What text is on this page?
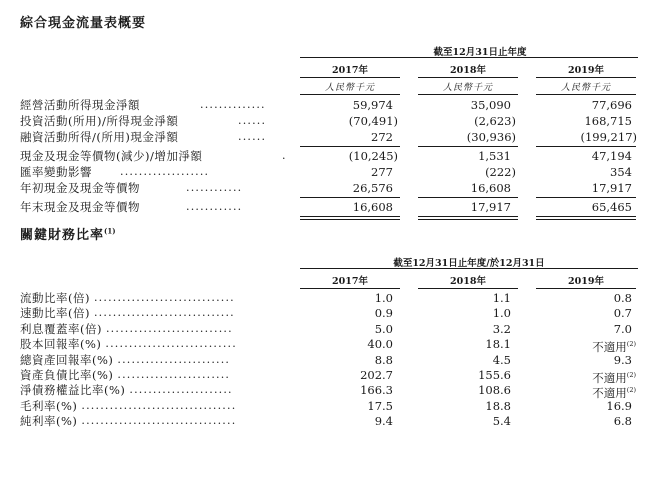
綜合現金流量表概要
截至12月31日止年度
2017年	2018年	2019年
人民幣千元	人民幣千元	人民幣千元
經營活動所得現金淨額	..............	59,974	35,090	77,696
投資活動(所用)/所得現金淨額	......	(70,491)	(2,623)	168,715
融資活動所得/(所用)現金淨額	......	272	(30,936)	(199,217)
現金及現金等價物(減少)/增加淨額	.	(10,245)	1,531	47,194
匯率變動影響	...................	277	(222)	354
年初現金及現金等價物	............	26,576	16,608	17,917
年末現金及現金等價物	............	16,608	17,917	65,465
關鍵財務比率$^{(1)}$
截至12月31日止年度/於12月31日
2017年	2018年	2019年
流動比率(倍) ..............................	1.0	1.1	0.8
速動比率(倍) ..............................	0.9	1.0	0.7
利息覆蓋率(倍) ...........................	5.0	3.2	7.0
股本回報率(%) ............................	40.0	18.1	不適用$^{(2)}$
總資產回報率(%) ........................	8.8	4.5	9.3
資產負債比率(%) ........................	202.7	155.6	不適用$^{(2)}$
淨債務權益比率(%) ......................	166.3	108.6	不適用$^{(2)}$
毛利率(%) .................................	17.5	18.8	16.9
純利率(%) .................................	9.4	5.4	6.8
